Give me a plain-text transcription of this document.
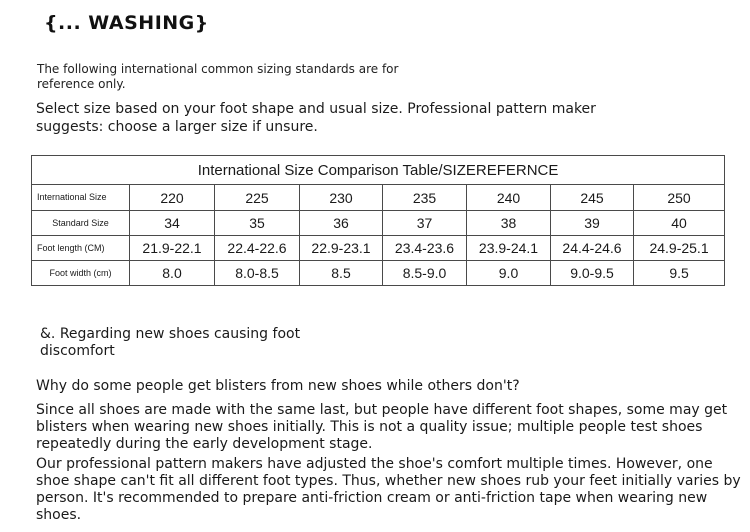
{... WASHING}
The following international common sizing standards are for reference only.
Select size based on your foot shape and usual size. Professional pattern maker suggests: choose a larger size if unsure.
International Size Comparison Table/SIZEREFERNCE							
International Size	220	225	230	235	240	245	250
Standard Size	34	35	36	37	38	39	40
Foot length (CM)	21.9-22.1	22.4-22.6	22.9-23.1	23.4-23.6	23.9-24.1	24.4-24.6	24.9-25.1
Foot width (cm)	8.0	8.0-8.5	8.5	8.5-9.0	9.0	9.0-9.5	9.5
&. Regarding new shoes causing foot discomfort
Why do some people get blisters from new shoes while others don't?
Since all shoes are made with the same last, but people have different foot shapes, some may get blisters when wearing new shoes initially. This is not a quality issue; multiple people test shoes repeatedly during the early development stage.
Our professional pattern makers have adjusted the shoe's comfort multiple times. However, one shoe shape can't fit all different foot types. Thus, whether new shoes rub your feet initially varies by person. It's recommended to prepare anti-friction cream or anti-friction tape when wearing new shoes.
